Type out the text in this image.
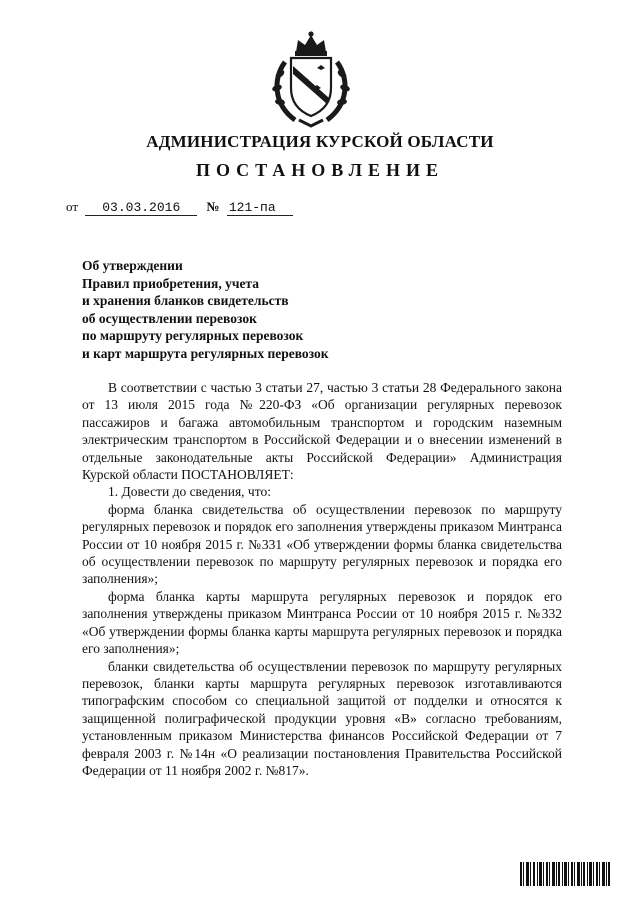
АДМИНИСТРАЦИЯ КУРСКОЙ ОБЛАСТИ
ПОСТАНОВЛЕНИЕ
от 03.03.2016 № 121-па
Об утверждении
Правил приобретения, учета
и хранения бланков свидетельств
об осуществлении перевозок
по маршруту регулярных перевозок
и карт маршрута регулярных перевозок

В соответствии с частью 3 статьи 27, частью 3 статьи 28 Федерального закона от 13 июля 2015 года №220-ФЗ «Об организации регулярных перевозок пассажиров и багажа автомобильным транспортом и городским наземным электрическим транспортом в Российской Федерации и о внесении изменений в отдельные законодательные акты Российской Федерации» Администрация Курской области ПОСТАНОВЛЯЕТ:

1. Довести до сведения, что:

форма бланка свидетельства об осуществлении перевозок по маршруту регулярных перевозок и порядок его заполнения утверждены приказом Минтранса России от 10 ноября 2015 г. №331 «Об утверждении формы бланка свидетельства об осуществлении перевозок по маршруту регулярных перевозок и порядка его заполнения»;

форма бланка карты маршрута регулярных перевозок и порядок его заполнения утверждены приказом Минтранса России от 10 ноября 2015 г. №332 «Об утверждении формы бланка карты маршрута регулярных перевозок и порядка его заполнения»;

бланки свидетельства об осуществлении перевозок по маршруту регулярных перевозок, бланки карты маршрута регулярных перевозок изготавливаются типографским способом со специальной защитой от подделки и относятся к защищенной полиграфической продукции уровня «В» согласно требованиям, установленным приказом Министерства финансов Российской Федерации от 7 февраля 2003 г. №14н «О реализации постановления Правительства Российской Федерации от 11 ноября 2002 г. №817».
